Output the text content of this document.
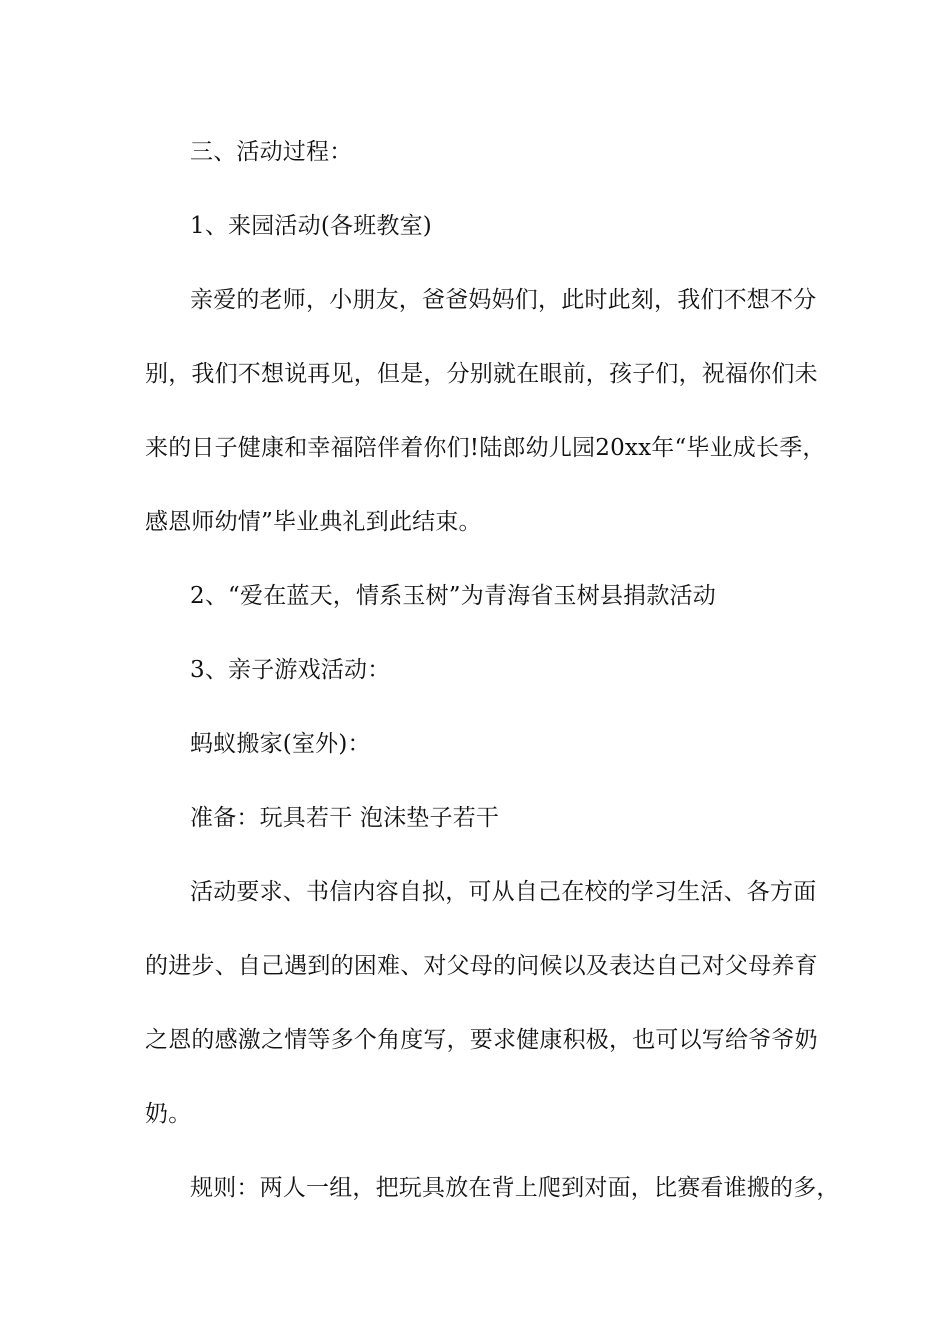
三、活动过程：
1、来园活动(各班教室)
亲爱的老师，小朋友，爸爸妈妈们，此时此刻，我们不想不分
别，我们不想说再见，但是，分别就在眼前，孩子们，祝福你们未
来的日子健康和幸福陪伴着你们!陆郎幼儿园20xx年“毕业成长季，
感恩师幼情”毕业典礼到此结束。
2、“爱在蓝天，情系玉树”为青海省玉树县捐款活动
3、亲子游戏活动：
蚂蚁搬家(室外)：
准备：玩具若干 泡沫垫子若干
活动要求、书信内容自拟，可从自己在校的学习生活、各方面
的进步、自己遇到的困难、对父母的问候以及表达自己对父母养育
之恩的感激之情等多个角度写，要求健康积极，也可以写给爷爷奶
奶。
规则：两人一组，把玩具放在背上爬到对面，比赛看谁搬的多，
